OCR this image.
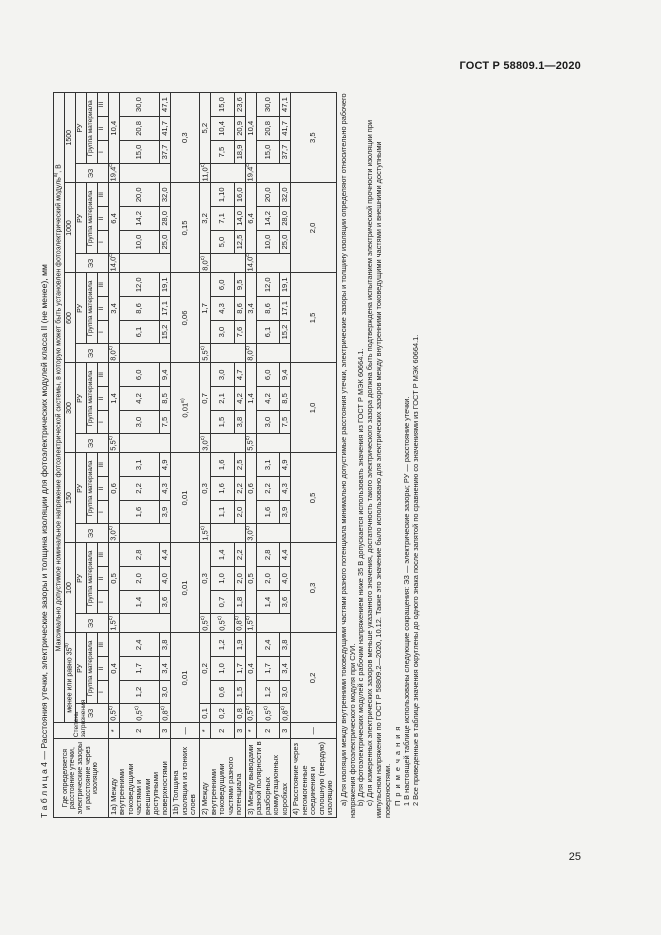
ГОСТ Р 58809.1—2020
25
Т а б л и ц а 4 — Расстояния утечки, электрические зазоры и толщина изоляции для фотоэлектрических модулей класса II (не менее), мм Где определяется расстояние утечки, электрические зазоры и расстояние через изоляцию	Степень загрязнения	Максимально допустимое номинальное напряжение фотоэлектрической системы, в которую может быть установлен фотоэлектрический модуль$^{a)}$, В																											
		менее или равно 35$^{b)}$				100				150				300				600				1000				1500			
		ЭЗ	РУ			ЭЗ	РУ			ЭЗ	РУ			ЭЗ	РУ			ЭЗ	РУ			ЭЗ	РУ			ЭЗ	РУ		
			Группа материала				Группа материала				Группа материала				Группа материала				Группа материала				Группа материала				Группа материала		
			I	II	III		I	II	III		I	II	III		I	II	III		I	II	III		I	II	III		I	II	III
1а) Между внутренними токоведущими частями и внешними доступными поверхностями	*	0,5$^{c)}$	0,4			1,5$^{c)}$	0,5			3,0$^{c)}$	0,6			5,5$^{c)}$	1,4			8,0$^{c)}$	3,4			14,0$^{c)}$	6,4			19,4$^{c)}$	10,4		
	2	0,5$^{c)}$	1,2	1,7	2,4		1,4	2,0	2,8		1,6	2,2	3,1		3,0	4,2	6,0		6,1	8,6	12,0		10,0	14,2	20,0		15,0	20,8	30,0
	3	0,8$^{c)}$	3,0	3,4	3,8		3,6	4,0	4,4		3,9	4,3	4,9		7,5	8,5	9,4		15,2	17,1	19,1		25,0	28,0	32,0		37,7	41,7	47,1
1b) Толщина изоляции из тонких слоев	—	0,01				0,01				0,01				0,01$^{e)}$				0,06				0,15				0,3			
2) Между внутренними токоведущими частями разного потенциала	*	0,1	0,2			0,5$^{c)}$	0,3			1,5$^{c)}$	0,3			3,0$^{c)}$	0,7			5,5$^{c)}$	1,7			8,0$^{c)}$	3,2			11,0$^{c)}$	5,2		
	2	0,2	0,6	1,0	1,2	0,5$^{c)}$	0,7	1,0	1,4		1,1	1,6	1,6		1,5	2,1	3,0		3,0	4,3	6,0		5,0	7,1	1,10		7,5	10,4	15,0
	3	0,8	1,5	1,7	1,9	0,8$^{c)}$	1,8	2,0	2,2		2,0	2,2	2,5		3,8	4,2	4,7		7,6	8,6	9,5		12,5	14,0	16,0		18,9	20,9	23,6
3) Между выводами разной полярности в разборных коммутационных коробках	*	0,5$^{c)}$	0,4			1,5$^{c)}$	0,5			3,0$^{c)}$	0,6			5,5$^{c)}$	1,4			8,0$^{c)}$	3,4			14,0$^{c)}$	6,4			19,4$^{c)}$	10,4		
	2	0,5$^{c)}$	1,2	1,7	2,4		1,4	2,0	2,8		1,6	2,2	3,1		3,0	4,2	6,0		6,1	8,6	12,0		10,0	14,2	20,0		15,0	20,8	30,0
	3	0,8$^{c)}$	3,0	3,4	3,8		3,6	4,0	4,4		3,9	4,3	4,9		7,5	8,5	9,4		15,2	17,1	19,1		25,0	28,0	32,0		37,7	41,7	47,1
4) Расстояние через негомогенные соединения и сплошную (твердую) изоляцию	—	0,2				0,3				0,5				1,0				1,5				2,0				3,5				a) Для изоляции между внутренними токоведущими частями разного потенциала минимально допустимые расстояния утечки, электрические зазоры и толщину изоляции определяют относительно рабочего напряжения фотоэлектрического модуля при СУИ. b) Для фотоэлектрических модулей с рабочим напряжением ниже 35 В допускается использовать значения из ГОСТ Р МЭК 60664.1. c) Для измеренных электрических зазоров меньше указанного значения, достаточность такого электрического зазора должна быть подтверждена испытанием электрической прочности изоляции при импульсном напряжении по ГОСТ Р 58809.2—2020, 10.12. Также это значение было использовано для электрических зазоров между внутренними токоведущими частями и внешними доступными поверхностями. П р и м е ч а н и я 1 В настоящей таблице использованы следующие сокращения: ЭЗ — электрические зазоры; РУ — расстояние утечки. 2 Все приведенные в таблице значения округлены до одного знака после запятой по сравнению со значениями из ГОСТ Р МЭК 60664.1.
